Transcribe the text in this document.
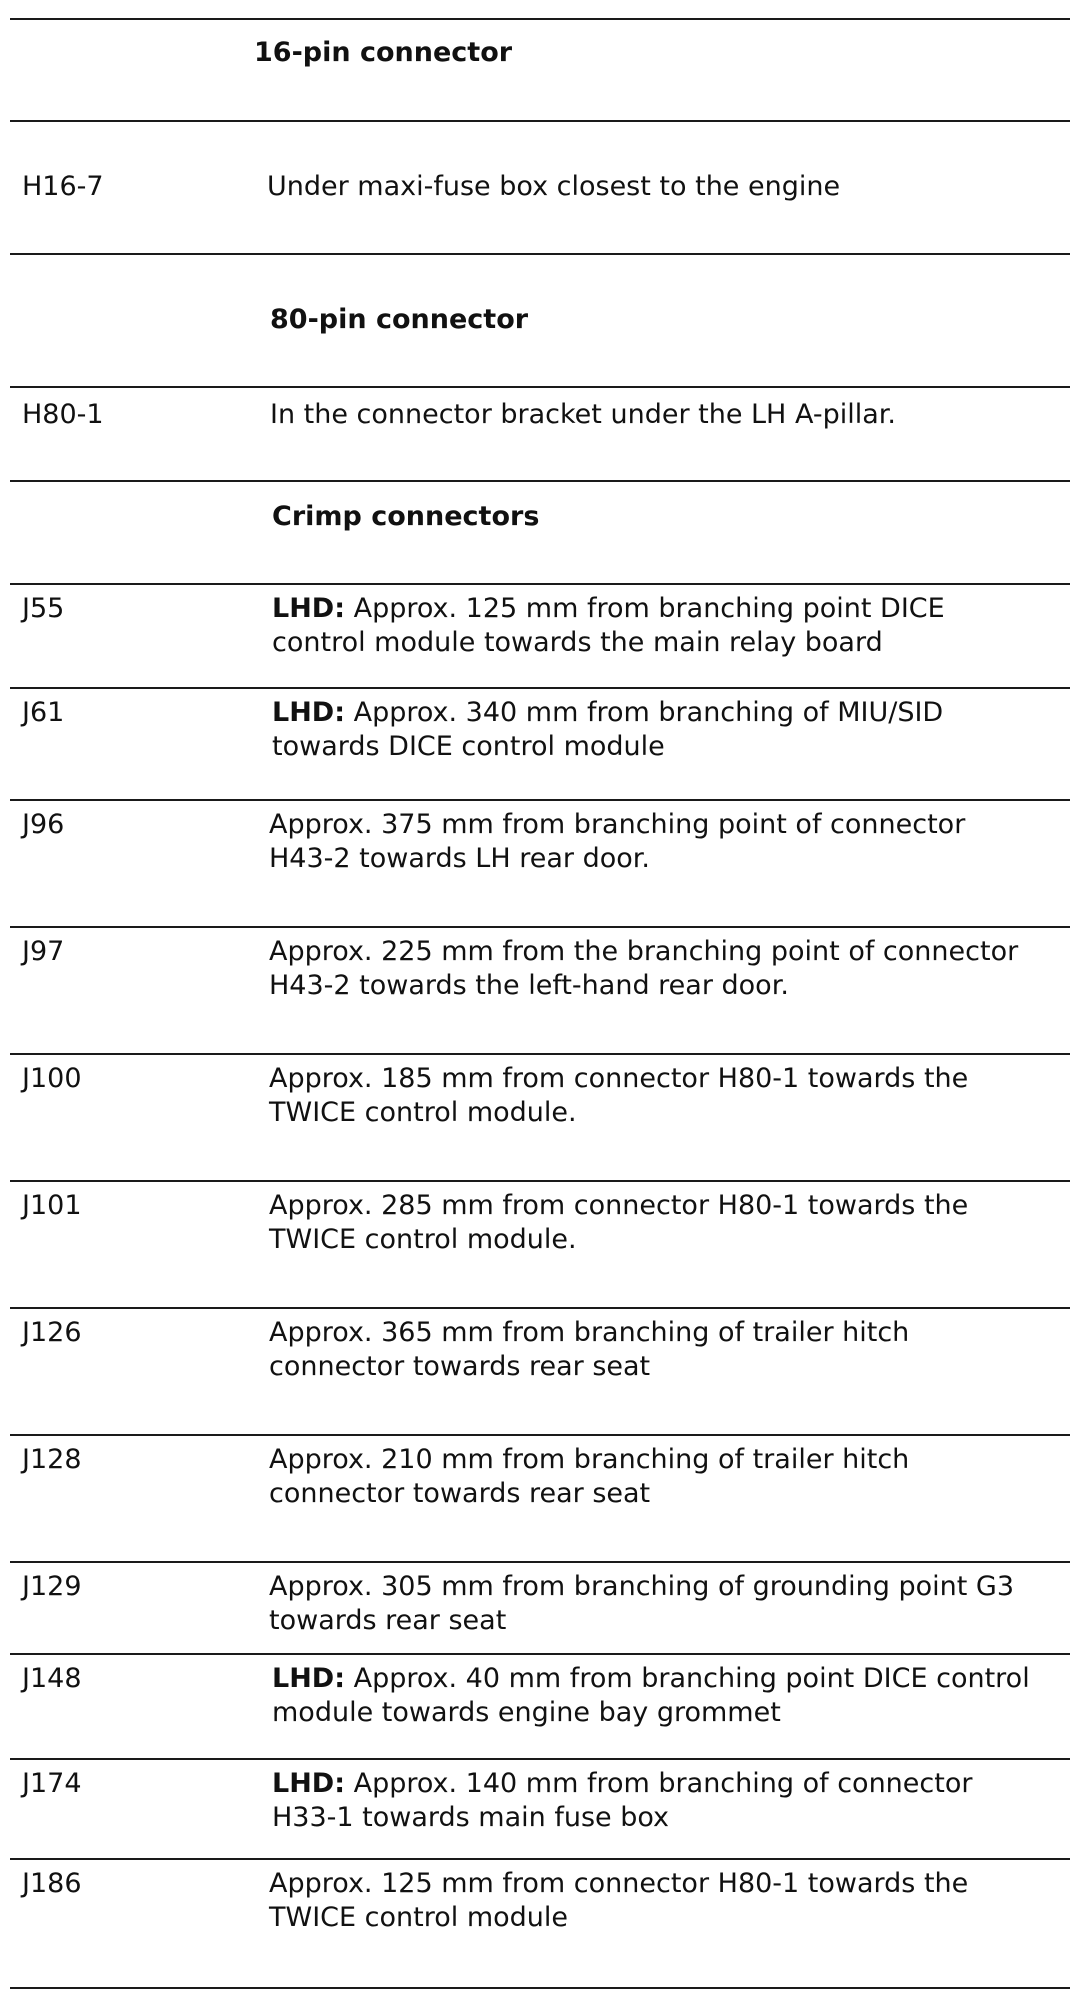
16-pin connector
H16-7	Under maxi-fuse box closest to the engine
80-pin connector
H80-1	In the connector bracket under the LH A-pillar.
Crimp connectors
J55	LHD: Approx. 125 mm from branching point DICE
control module towards the main relay board
J61	LHD: Approx. 340 mm from branching of MIU/SID
towards DICE control module
J96	Approx. 375 mm from branching point of connector
H43-2 towards LH rear door.
J97	Approx. 225 mm from the branching point of connector
H43-2 towards the left-hand rear door.
J100	Approx. 185 mm from connector H80-1 towards the
TWICE control module.
J101	Approx. 285 mm from connector H80-1 towards the
TWICE control module.
J126	Approx. 365 mm from branching of trailer hitch
connector towards rear seat
J128	Approx. 210 mm from branching of trailer hitch
connector towards rear seat
J129	Approx. 305 mm from branching of grounding point G3
towards rear seat
J148	LHD: Approx. 40 mm from branching point DICE control
module towards engine bay grommet
J174	LHD: Approx. 140 mm from branching of connector
H33-1 towards main fuse box
J186	Approx. 125 mm from connector H80-1 towards the
TWICE control module
